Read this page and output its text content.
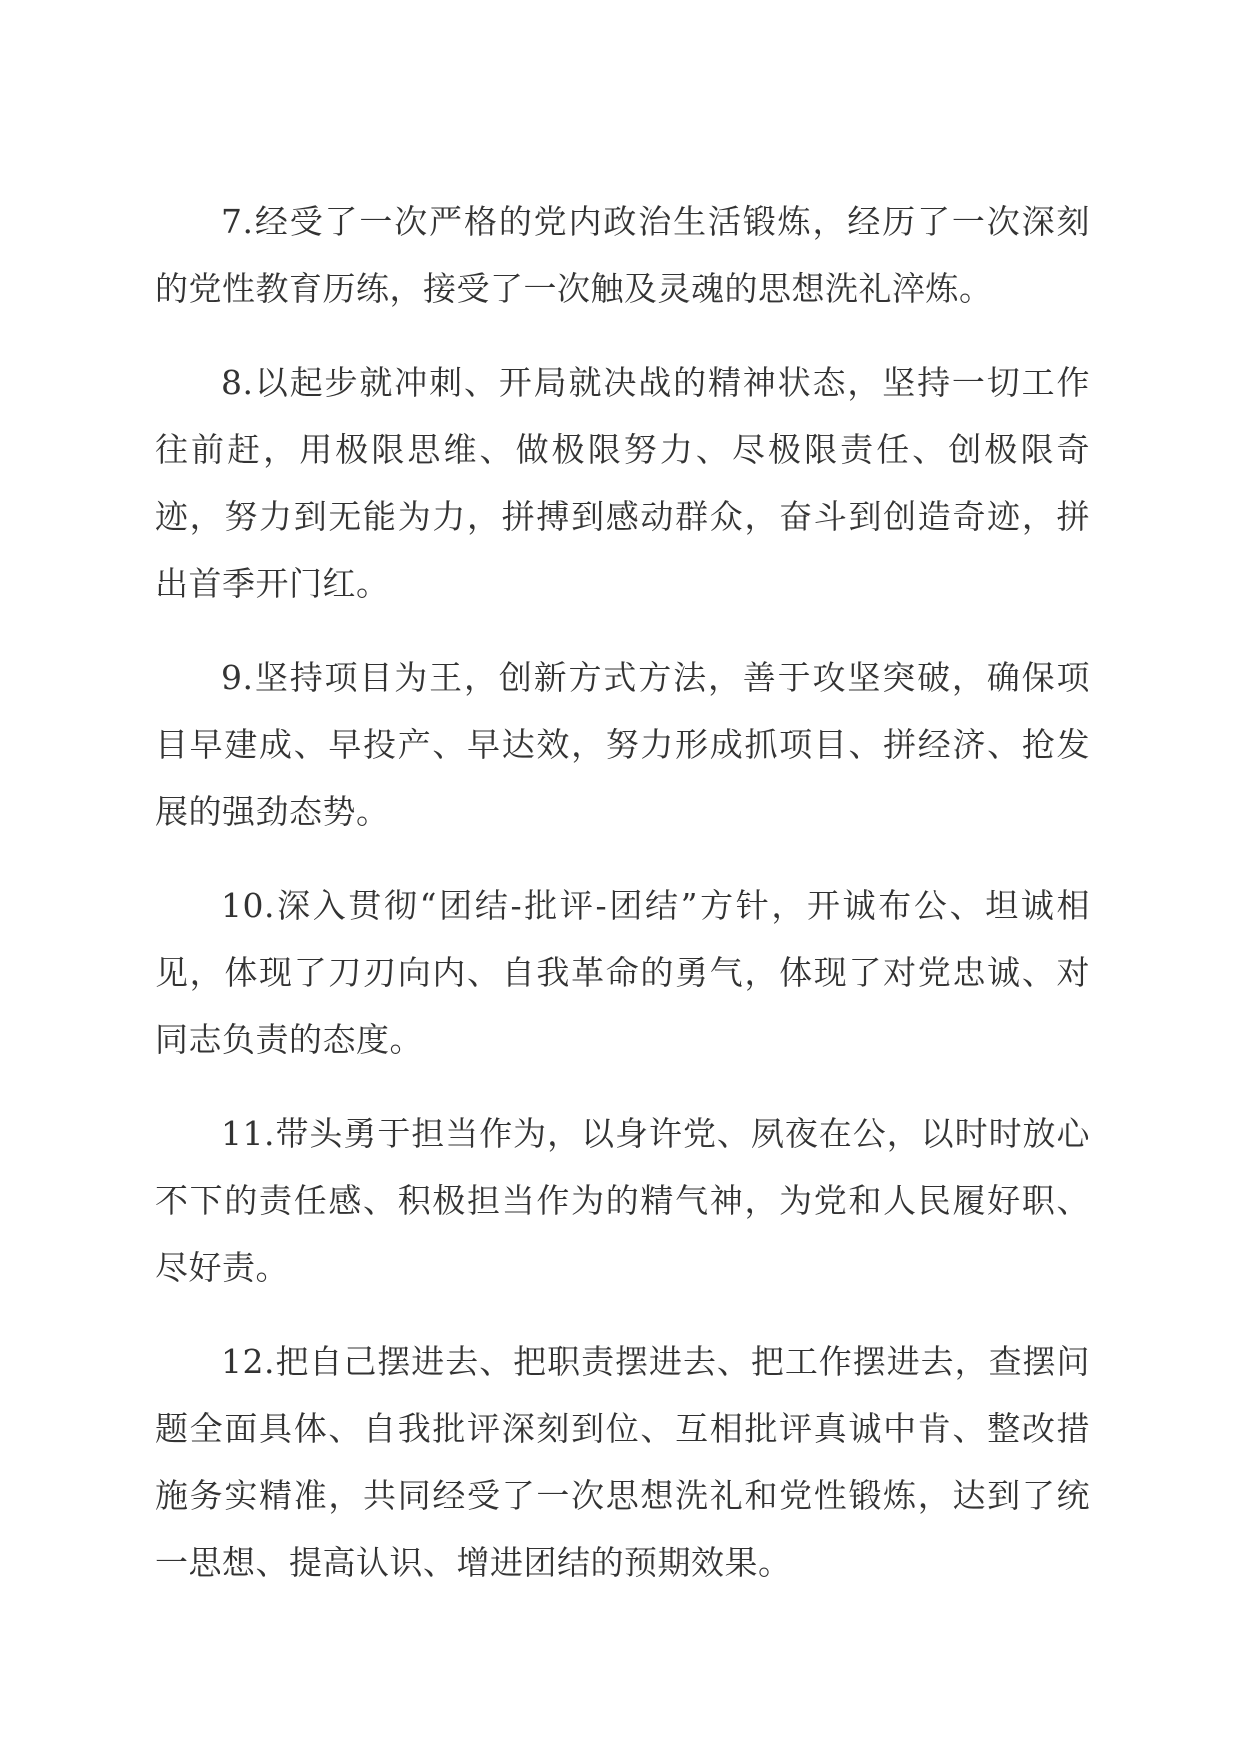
7.经受了一次严格的党内政治生活锻炼，经历了一次深刻的党性教育历练，接受了一次触及灵魂的思想洗礼淬炼。

8.以起步就冲刺、开局就决战的精神状态，坚持一切工作往前赶，用极限思维、做极限努力、尽极限责任、创极限奇迹，努力到无能为力，拼搏到感动群众，奋斗到创造奇迹，拼出首季开门红。

9.坚持项目为王，创新方式方法，善于攻坚突破，确保项目早建成、早投产、早达效，努力形成抓项目、拼经济、抢发展的强劲态势。

10.深入贯彻“团结-批评-团结”方针，开诚布公、坦诚相见，体现了刀刃向内、自我革命的勇气，体现了对党忠诚、对同志负责的态度。

11.带头勇于担当作为，以身许党、夙夜在公，以时时放心不下的责任感、积极担当作为的精气神，为党和人民履好职、尽好责。

12.把自己摆进去、把职责摆进去、把工作摆进去，查摆问题全面具体、自我批评深刻到位、互相批评真诚中肯、整改措施务实精准，共同经受了一次思想洗礼和党性锻炼，达到了统一思想、提高认识、增进团结的预期效果。
